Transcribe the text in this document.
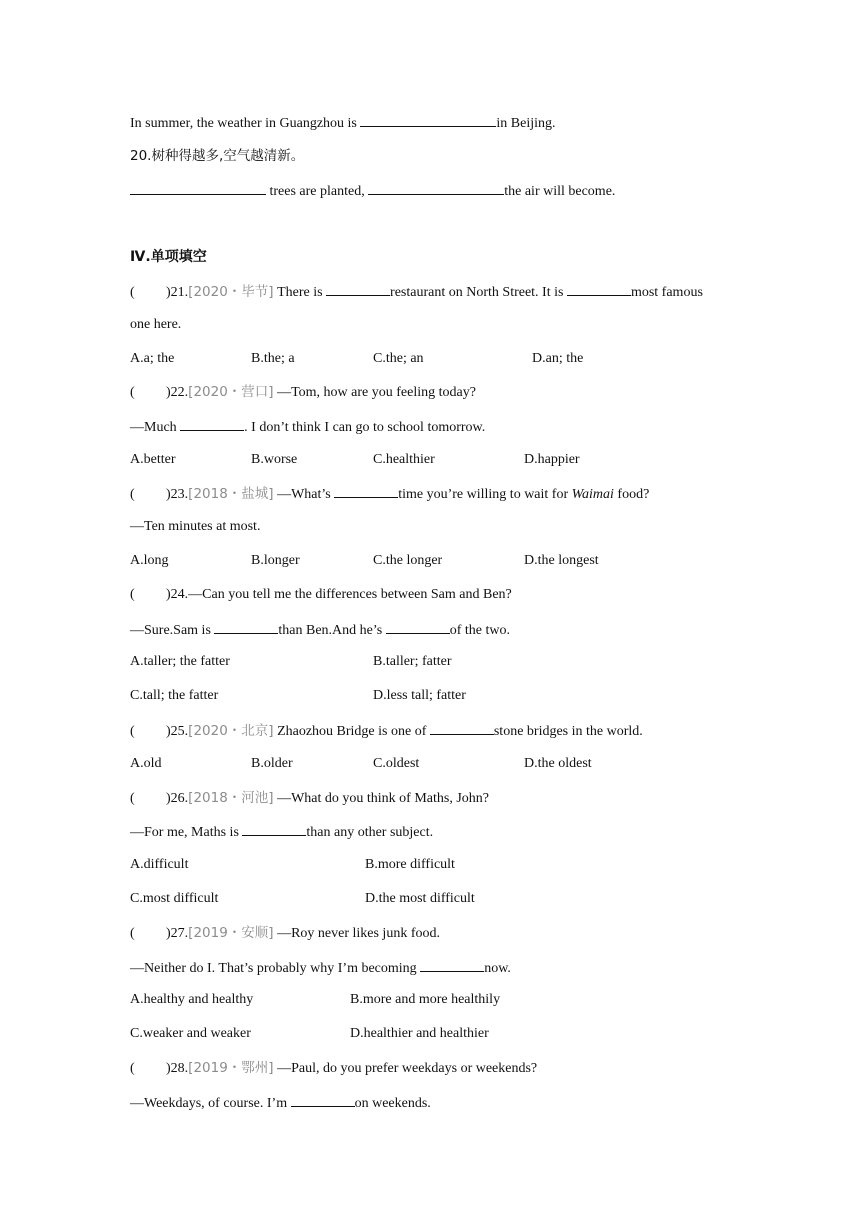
In summer, the weather in Guangzhou is	in Beijing.
20.树种得越多,空气越清新。
trees are planted,	the air will become.
Ⅳ.单项填空
( )21.[2020・毕节] There is	restaurant on North Street. It is	most famous
one here.
A.a; the	B.the; a	C.the; an	D.an; the
( )22.[2020・营口] —Tom, how are you feeling today?
—Much	. I don’t think I can go to school tomorrow.
A.better	B.worse	C.healthier	D.happier
( )23.[2018・盐城] —What’s	time you’re willing to wait for Waimai food?
—Ten minutes at most.
A.long	B.longer	C.the longer	D.the longest
( )24.—Can you tell me the differences between Sam and Ben?
—Sure.Sam is	than Ben.And he’s	of the two.
A.taller; the fatter	B.taller; fatter
C.tall; the fatter	D.less tall; fatter
( )25.[2020・北京] Zhaozhou Bridge is one of	stone bridges in the world.
A.old	B.older	C.oldest	D.the oldest
( )26.[2018・河池] —What do you think of Maths, John?
—For me, Maths is	than any other subject.
A.difficult	B.more difficult
C.most difficult	D.the most difficult
( )27.[2019・安顺] —Roy never likes junk food.
—Neither do I. That’s probably why I’m becoming	now.
A.healthy and healthy	B.more and more healthily
C.weaker and weaker	D.healthier and healthier
( )28.[2019・鄂州] —Paul, do you prefer weekdays or weekends?
—Weekdays, of course. I’m	on weekends.
